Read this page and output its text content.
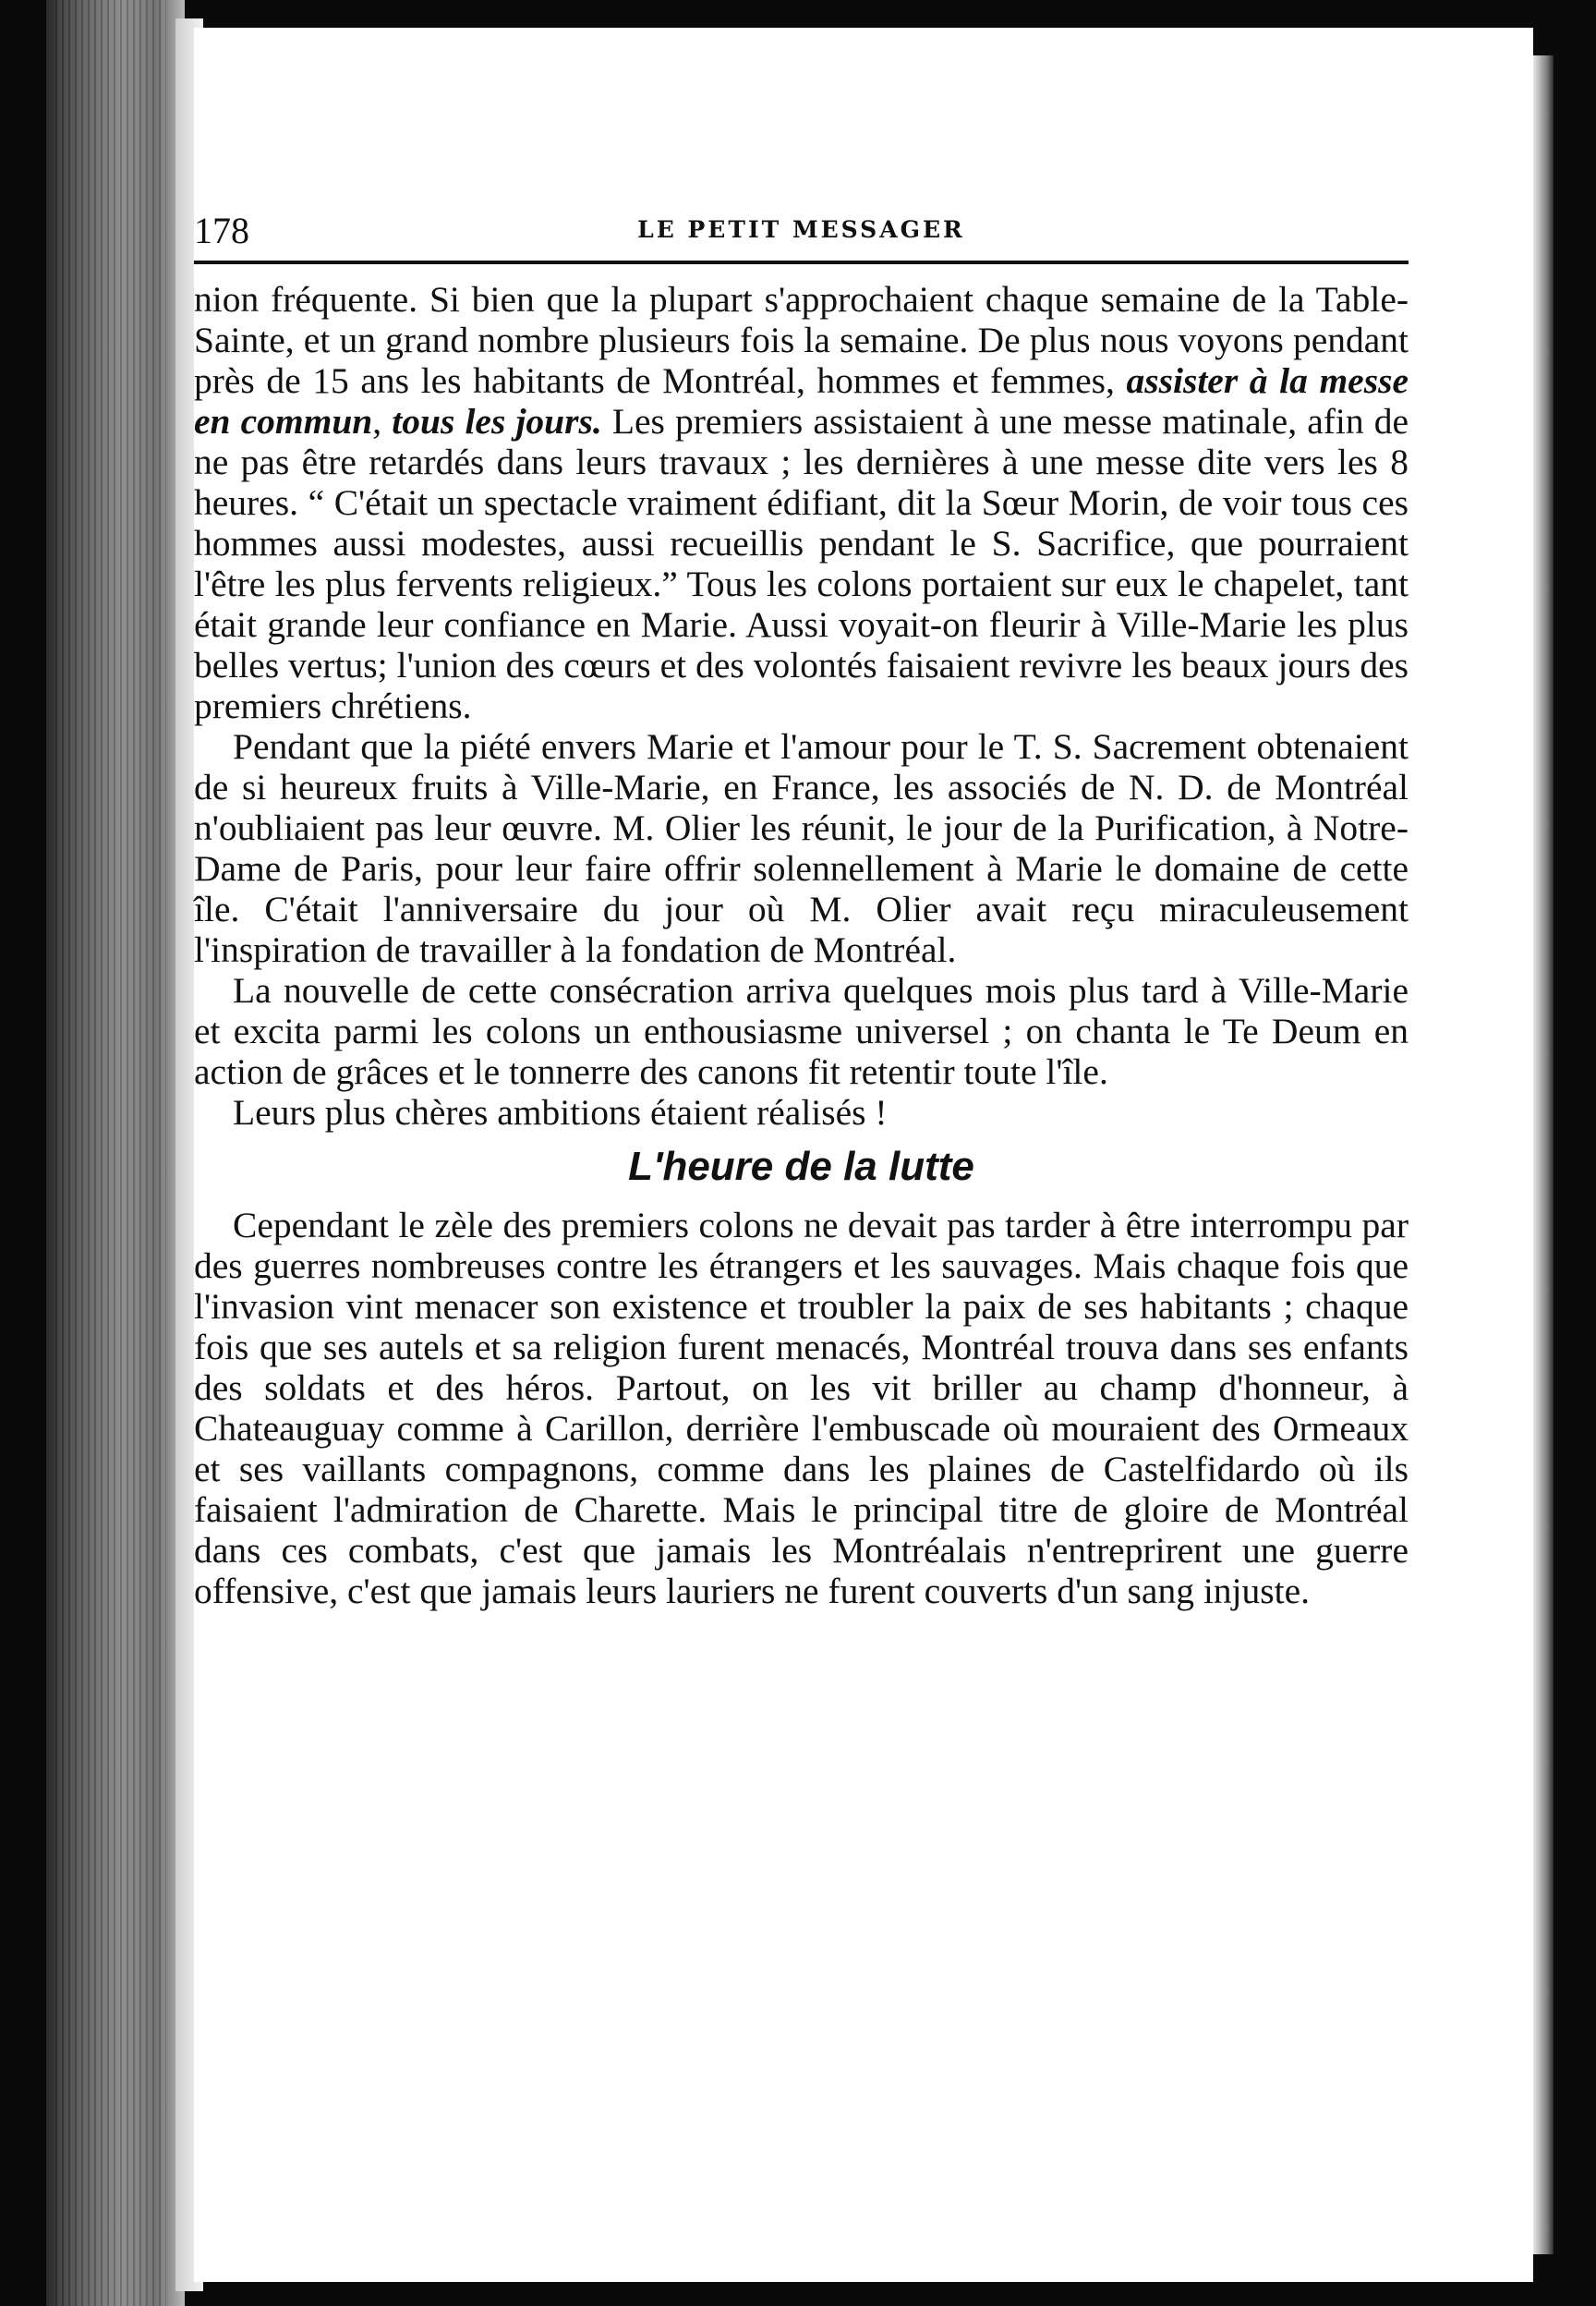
178	LE PETIT MESSAGER

nion fréquente. Si bien que la plupart s'approchaient chaque semaine de la Table-Sainte, et un grand nombre plusieurs fois la semaine. De plus nous voyons pendant près de 15 ans les habitants de Montréal, hommes et femmes, assister à la messe en commun, tous les jours. Les premiers assistaient à une messe matinale, afin de ne pas être retardés dans leurs travaux ; les dernières à une messe dite vers les 8 heures. “ C'était un spectacle vraiment édifiant, dit la Sœur Morin, de voir tous ces hommes aussi modestes, aussi recueillis pendant le S. Sacrifice, que pourraient l'être les plus fervents religieux.” Tous les colons portaient sur eux le chapelet, tant était grande leur confiance en Marie. Aussi voyait-on fleurir à Ville-Marie les plus belles vertus; l'union des cœurs et des volontés faisaient revivre les beaux jours des premiers chrétiens.

Pendant que la piété envers Marie et l'amour pour le T. S. Sacrement obtenaient de si heureux fruits à Ville-Marie, en France, les associés de N. D. de Montréal n'oubliaient pas leur œuvre. M. Olier les réunit, le jour de la Purification, à Notre-Dame de Paris, pour leur faire offrir solennellement à Marie le domaine de cette île. C'était l'anniversaire du jour où M. Olier avait reçu miraculeusement l'inspiration de travailler à la fondation de Montréal.

La nouvelle de cette consécration arriva quelques mois plus tard à Ville-Marie et excita parmi les colons un enthousiasme universel ; on chanta le Te Deum en action de grâces et le tonnerre des canons fit retentir toute l'île.

Leurs plus chères ambitions étaient réalisés !

L'heure de la lutte

Cependant le zèle des premiers colons ne devait pas tarder à être interrompu par des guerres nombreuses contre les étrangers et les sauvages. Mais chaque fois que l'invasion vint menacer son existence et troubler la paix de ses habitants ; chaque fois que ses autels et sa religion furent menacés, Montréal trouva dans ses enfants des soldats et des héros. Partout, on les vit briller au champ d'honneur, à Chateauguay comme à Carillon, derrière l'embuscade où mouraient des Ormeaux et ses vaillants compagnons, comme dans les plaines de Castelfidardo où ils faisaient l'admiration de Charette. Mais le principal titre de gloire de Montréal dans ces combats, c'est que jamais les Montréalais n'entreprirent une guerre offensive, c'est que jamais leurs lauriers ne furent couverts d'un sang injuste.
